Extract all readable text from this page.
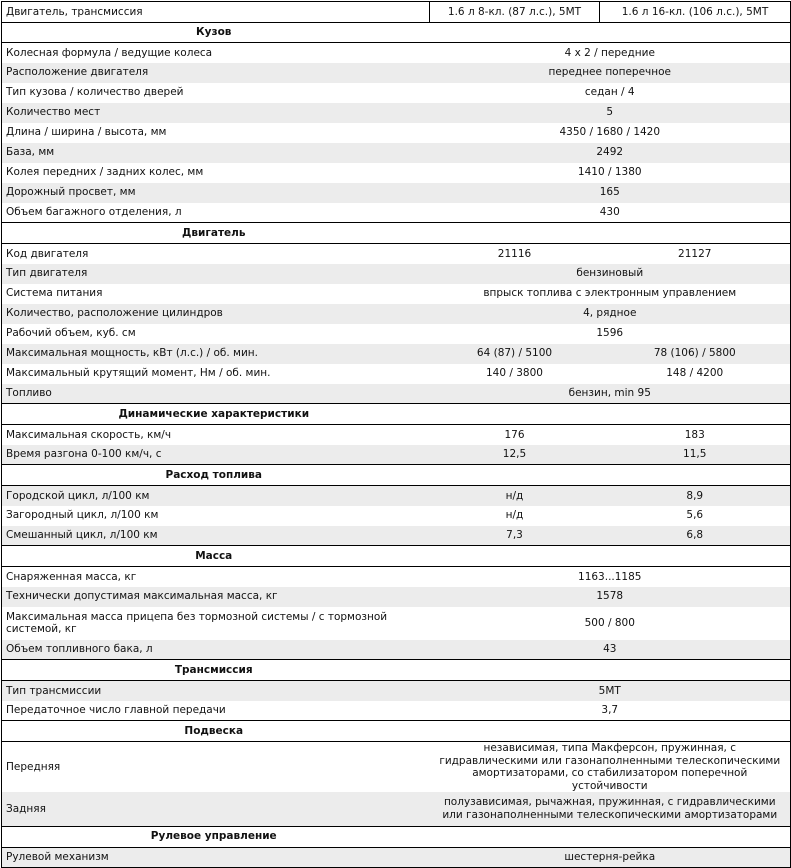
Двигатель, трансмиссия	1.6 л 8-кл. (87 л.с.), 5МТ	1.6 л 16-кл. (106 л.с.), 5МТ
Кузов		
Колесная формула / ведущие колеса	4 х 2 / передние	
Расположение двигателя	переднее поперечное	
Тип кузова / количество дверей	седан / 4	
Количество мест	5	
Длина / ширина / высота, мм	4350 / 1680 / 1420	
База, мм	2492	
Колея передних / задних колес, мм	1410 / 1380	
Дорожный просвет, мм	165	
Объем багажного отделения, л	430	
Двигатель		
Код двигателя	21116	21127
Тип двигателя	бензиновый	
Система питания	впрыск топлива с электронным управлением	
Количество, расположение цилиндров	4, рядное	
Рабочий объем, куб. см	1596	
Максимальная мощность, кВт (л.с.) / об. мин.	64 (87) / 5100	78 (106) / 5800
Максимальный крутящий момент, Нм / об. мин.	140 / 3800	148 / 4200
Топливо	бензин, min 95	
Динамические характеристики		
Максимальная скорость, км/ч	176	183
Время разгона 0-100 км/ч, с	12,5	11,5
Расход топлива		
Городской цикл, л/100 км	н/д	8,9
Загородный цикл, л/100 км	н/д	5,6
Смешанный цикл, л/100 км	7,3	6,8
Масса		
Снаряженная масса, кг	1163...1185	
Технически допустимая максимальная масса, кг	1578	
Максимальная масса прицепа без тормозной системы / с тормозной системой, кг	500 / 800	
Объем топливного бака, л	43	
Трансмиссия		
Тип трансмиссии	5МТ	
Передаточное число главной передачи	3,7	
Подвеска		
Передняя	независимая, типа Макферсон, пружинная, с гидравлическими или газонаполненными телескопическими амортизаторами, со стабилизатором поперечной устойчивости	
Задняя	полузависимая, рычажная, пружинная, с гидравлическими или газонаполненными телескопическими амортизаторами	
Рулевое управление		
Рулевой механизм	шестерня-рейка	
